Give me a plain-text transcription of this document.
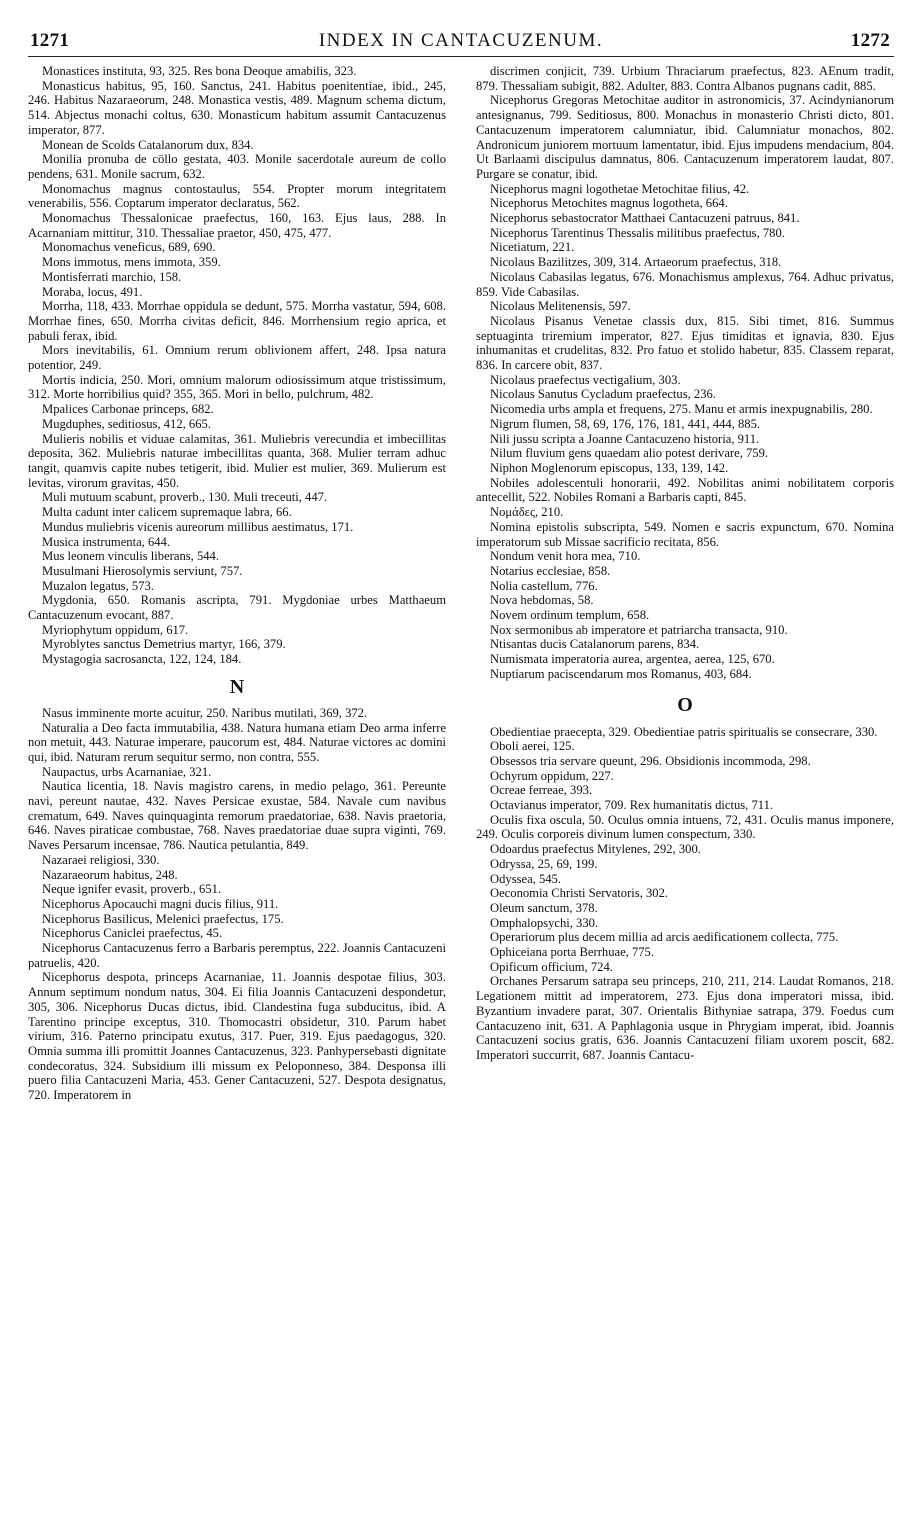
1271	INDEX IN CANTACUZENUM.	1272

Monastices instituta, 93, 325. Res bona Deoque amabilis, 323.

Monasticus habitus, 95, 160. Sanctus, 241. Habitus poenitentiae, ibid., 245, 246. Habitus Nazaraeorum, 248. Monastica vestis, 489. Magnum schema dictum, 514. Abjectus monachi coltus, 630. Monasticum habitum assumit Cantacuzenus imperator, 877.

Monean de Scolds Catalanorum dux, 834.

Monilia pronuba de cöllo gestata, 403. Monile sacerdotale aureum de collo pendens, 631. Monile sacrum, 632.

Monomachus magnus contostaulus, 554. Propter morum integritatem venerabilis, 556. Coptarum imperator declaratus, 562.

Monomachus Thessalonicae praefectus, 160, 163. Ejus laus, 288. In Acarnaniam mittitur, 310. Thessaliae praetor, 450, 475, 477.

Monomachus veneficus, 689, 690.

Mons immotus, mens immota, 359.

Montisferrati marchio, 158.

Moraba, locus, 491.

Morrha, 118, 433. Morrhae oppidula se dedunt, 575. Morrha vastatur, 594, 608. Morrhae fines, 650. Morrha civitas deficit, 846. Morrhensium regio aprica, et pabuli ferax, ibid.

Mors inevitabilis, 61. Omnium rerum oblivionem affert, 248. Ipsa natura potentior, 249.

Mortis indicia, 250. Mori, omnium malorum odiosissimum atque tristissimum, 312. Morte horribilius quid? 355, 365. Mori in bello, pulchrum, 482.

Mpalices Carbonae princeps, 682.

Mugduphes, seditiosus, 412, 665.

Mulieris nobilis et viduae calamitas, 361. Muliebris verecundia et imbecillitas deposita, 362. Muliebris naturae imbecillitas quanta, 368. Mulier terram adhuc tangit, quamvis capite nubes tetigerit, ibid. Mulier est mulier, 369. Mulierum est levitas, virorum gravitas, 450.

Muli mutuum scabunt, proverb., 130. Muli treceuti, 447.

Multa cadunt inter calicem supremaque labra, 66.

Mundus muliebris vicenis aureorum millibus aestimatus, 171.

Musica instrumenta, 644.

Mus leonem vinculis liberans, 544.

Musulmani Hierosolymis serviunt, 757.

Muzalon legatus, 573.

Mygdonia, 650. Romanis ascripta, 791. Mygdoniae urbes Matthaeum Cantacuzenum evocant, 887.

Myriophytum oppidum, 617.

Myroblytes sanctus Demetrius martyr, 166, 379.

Mystagogia sacrosancta, 122, 124, 184.

N

Nasus imminente morte acuitur, 250. Naribus mutilati, 369, 372.

Naturalia a Deo facta immutabilia, 438. Natura humana etiam Deo arma inferre non metuit, 443. Naturae imperare, paucorum est, 484. Naturae victores ac domini qui, ibid. Naturam rerum sequitur sermo, non contra, 555.

Naupactus, urbs Acarnaniae, 321.

Nautica licentia, 18. Navis magistro carens, in medio pelago, 361. Pereunte navi, pereunt nautae, 432. Naves Persicae exustae, 584. Navale cum navibus crematum, 649. Naves quinquaginta remorum praedatoriae, 638. Navis praetoria, 646. Naves piraticae combustae, 768. Naves praedatoriae duae supra viginti, 769. Naves Persarum incensae, 786. Nautica petulantia, 849.

Nazaraei religiosi, 330.

Nazaraeorum habitus, 248.

Neque ignifer evasit, proverb., 651.

Nicephorus Apocauchi magni ducis filius, 911.

Nicephorus Basilicus, Melenici praefectus, 175.

Nicephorus Caniclei praefectus, 45.

Nicephorus Cantacuzenus ferro a Barbaris peremptus, 222. Joannis Cantacuzeni patruelis, 420.

Nicephorus despota, princeps Acarnaniae, 11. Joannis despotae filius, 303. Annum septimum nondum natus, 304. Ei filia Joannis Cantacuzeni despondetur, 305, 306. Nicephorus Ducas dictus, ibid. Clandestina fuga subducitus, ibid. A Tarentino principe exceptus, 310. Thomocastri obsidetur, 310. Parum habet virium, 316. Paterno principatu exutus, 317. Puer, 319. Ejus paedagogus, 320. Omnia summa illi promittit Joannes Cantacuzenus, 323. Panhypersebasti dignitate condecoratus, 324. Subsidium illi missum ex Peloponneso, 384. Desponsa illi puero filia Cantacuzeni Maria, 453. Gener Cantacuzeni, 527. Despota designatus, 720. Imperatorem in

discrimen conjicit, 739. Urbium Thraciarum praefectus, 823. AEnum tradit, 879. Thessaliam subigit, 882. Adulter, 883. Contra Albanos pugnans cadit, 885.

Nicephorus Gregoras Metochitae auditor in astronomicis, 37. Acindynianorum antesignanus, 799. Seditiosus, 800. Monachus in monasterio Christi dicto, 801. Cantacuzenum imperatorem calumniatur, ibid. Calumniatur monachos, 802. Andronicum juniorem mortuum lamentatur, ibid. Ejus impudens mendacium, 804. Ut Barlaami discipulus damnatus, 806. Cantacuzenum imperatorem laudat, 807. Purgare se conatur, ibid.

Nicephorus magni logothetae Metochitae filius, 42.

Nicephorus Metochites magnus logotheta, 664.

Nicephorus sebastocrator Matthaei Cantacuzeni patruus, 841.

Nicephorus Tarentinus Thessalis militibus praefectus, 780.

Nicetiatum, 221.

Nicolaus Bazilitzes, 309, 314. Artaeorum praefectus, 318.

Nicolaus Cabasilas legatus, 676. Monachismus amplexus, 764. Adhuc privatus, 859. Vide Cabasilas.

Nicolaus Melitenensis, 597.

Nicolaus Pisanus Venetae classis dux, 815. Sibi timet, 816. Summus septuaginta triremium imperator, 827. Ejus timiditas et ignavia, 830. Ejus inhumanitas et crudelitas, 832. Pro fatuo et stolido habetur, 835. Classem reparat, 836. In carcere obit, 837.

Nicolaus praefectus vectigalium, 303.

Nicolaus Sanutus Cycladum praefectus, 236.

Nicomedia urbs ampla et frequens, 275. Manu et armis inexpugnabilis, 280.

Nigrum flumen, 58, 69, 176, 176, 181, 441, 444, 885.

Nili jussu scripta a Joanne Cantacuzeno historia, 911.

Nilum fluvium gens quaedam alio potest derivare, 759.

Niphon Moglenorum episcopus, 133, 139, 142.

Nobiles adolescentuli honorarii, 492. Nobilitas animi nobilitatem corporis antecellit, 522. Nobiles Romani a Barbaris capti, 845.

Νομάδες, 210.

Nomina epistolis subscripta, 549. Nomen e sacris expunctum, 670. Nomina imperatorum sub Missae sacrificio recitata, 856.

Nondum venit hora mea, 710.

Notarius ecclesiae, 858.

Nolia castellum, 776.

Nova hebdomas, 58.

Novem ordinum templum, 658.

Nox sermonibus ab imperatore et patriarcha transacta, 910.

Ntisantas ducis Catalanorum parens, 834.

Numismata imperatoria aurea, argentea, aerea, 125, 670.

Nuptiarum paciscendarum mos Romanus, 403, 684.

O

Obedientiae praecepta, 329. Obedientiae patris spiritualis se consecrare, 330.

Oboli aerei, 125.

Obsessos tria servare queunt, 296. Obsidionis incommoda, 298.

Ochyrum oppidum, 227.

Ocreae ferreae, 393.

Octavianus imperator, 709. Rex humanitatis dictus, 711.

Oculis fixa oscula, 50. Oculus omnia intuens, 72, 431. Oculis manus imponere, 249. Oculis corporeis divinum lumen conspectum, 330.

Odoardus praefectus Mitylenes, 292, 300.

Odryssa, 25, 69, 199.

Odyssea, 545.

Oeconomia Christi Servatoris, 302.

Oleum sanctum, 378.

Omphalopsychi, 330.

Operariorum plus decem millia ad arcis aedificationem collecta, 775.

Ophiceiana porta Berrhuae, 775.

Opificum officium, 724.

Orchanes Persarum satrapa seu princeps, 210, 211, 214. Laudat Romanos, 218. Legationem mittit ad imperatorem, 273. Ejus dona imperatori missa, ibid. Byzantium invadere parat, 307. Orientalis Bithyniae satrapa, 379. Foedus cum Cantacuzeno init, 631. A Paphlagonia usque in Phrygiam imperat, ibid. Joannis Cantacuzeni socius gratis, 636. Joannis Cantacuzeni filiam uxorem poscit, 682. Imperatori succurrit, 687. Joannis Cantacu-
